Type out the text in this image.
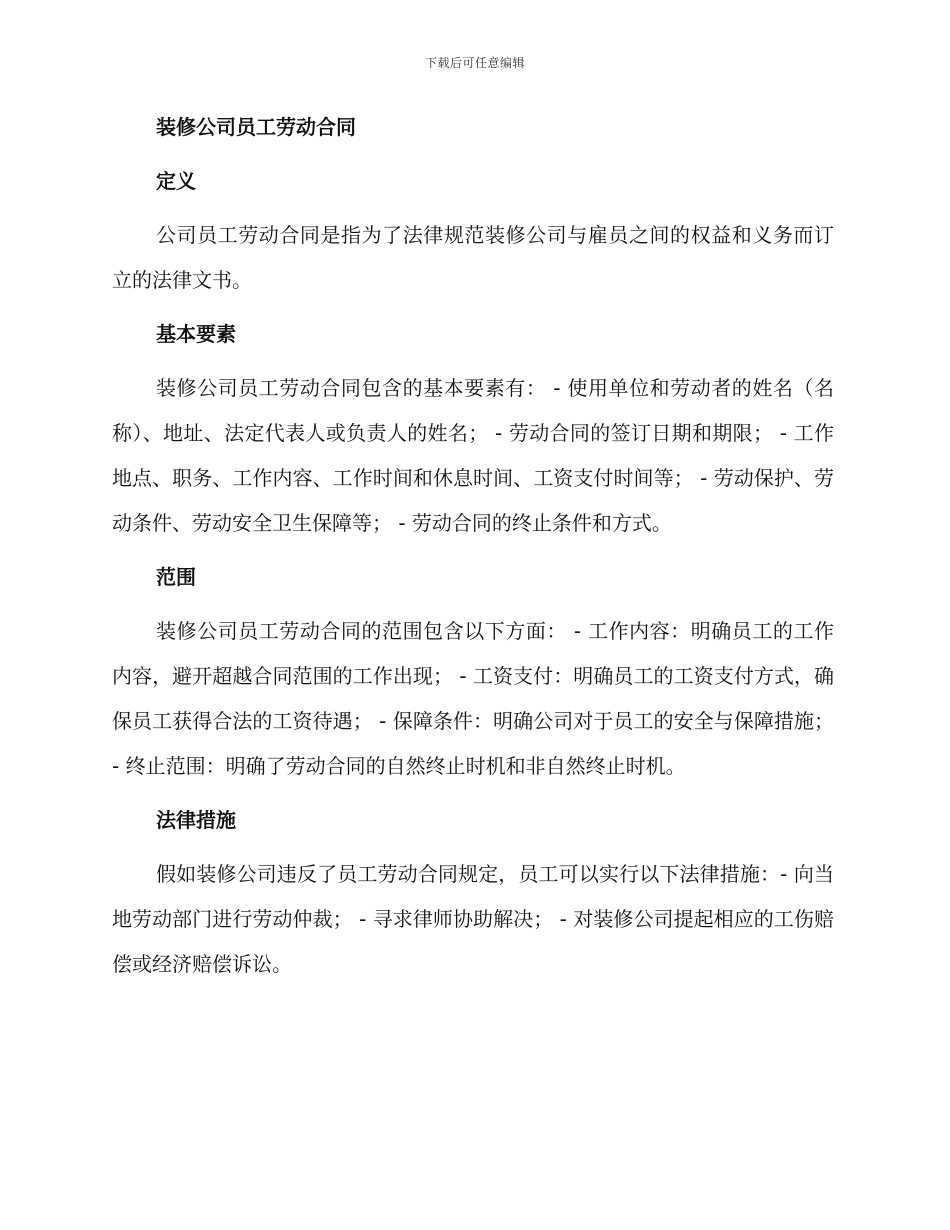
下载后可任意编辑
装修公司员工劳动合同
定义

公司员工劳动合同是指为了法律规范装修公司与雇员之间的权益和义务而订立的法律文书。

基本要素

装修公司员工劳动合同包含的基本要素有： - 使用单位和劳动者的姓名（名称）、地址、法定代表人或负责人的姓名； - 劳动合同的签订日期和期限； - 工作地点、职务、工作内容、工作时间和休息时间、工资支付时间等； - 劳动保护、劳动条件、劳动安全卫生保障等； - 劳动合同的终止条件和方式。

范围

装修公司员工劳动合同的范围包含以下方面： - 工作内容：明确员工的工作内容，避开超越合同范围的工作出现； - 工资支付：明确员工的工资支付方式，确保员工获得合法的工资待遇； - 保障条件：明确公司对于员工的安全与保障措施； - 终止范围：明确了劳动合同的自然终止时机和非自然终止时机。

法律措施

假如装修公司违反了员工劳动合同规定，员工可以实行以下法律措施：- 向当地劳动部门进行劳动仲裁； - 寻求律师协助解决； - 对装修公司提起相应的工伤赔偿或经济赔偿诉讼。
